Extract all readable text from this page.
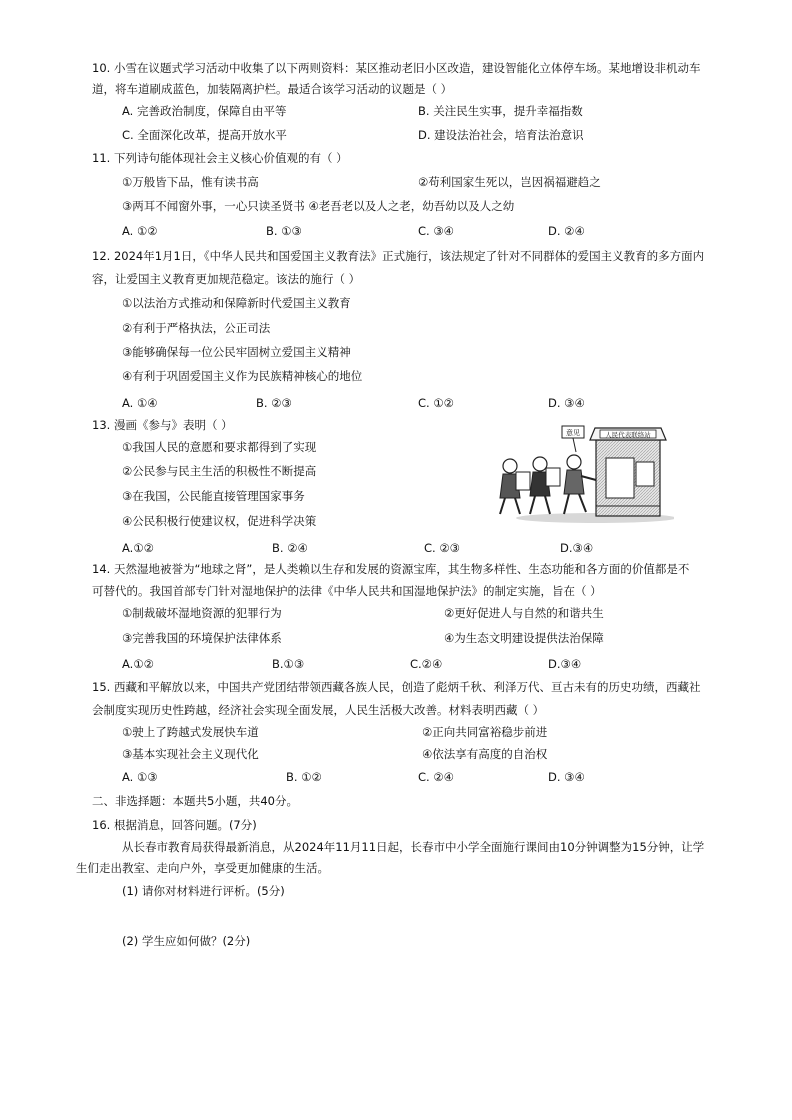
10. 小雪在议题式学习活动中收集了以下两则资料：某区推动老旧小区改造，建设智能化立体停车场。某地增设非机动车
道，将车道刷成蓝色，加装隔离护栏。最适合该学习活动的议题是（ ）
A. 完善政治制度，保障自由平等	B. 关注民生实事，提升幸福指数
C. 全面深化改革，提高开放水平	D. 建设法治社会，培育法治意识
11. 下列诗句能体现社会主义核心价值观的有（ ）
①万般皆下品，惟有读书高	②苟利国家生死以，岂因祸福避趋之
③两耳不闻窗外事，一心只读圣贤书 ④老吾老以及人之老，幼吾幼以及人之幼
A. ①②	B. ①③	C. ③④	D. ②④
12. 2024年1月1日，《中华人民共和国爱国主义教育法》正式施行，该法规定了针对不同群体的爱国主义教育的多方面内
容，让爱国主义教育更加规范稳定。该法的施行（ ）
①以法治方式推动和保障新时代爱国主义教育
②有利于严格执法，公正司法
③能够确保每一位公民牢固树立爱国主义精神
④有利于巩固爱国主义作为民族精神核心的地位
A. ①④	B. ②③	C. ①②	D. ③④
13. 漫画《参与》表明（ ）
①我国人民的意愿和要求都得到了实现
②公民参与民主生活的积极性不断提高
③在我国，公民能直接管理国家事务
④公民积极行使建议权，促进科学决策
A.①②	B. ②④	C. ②③	D.③④
人民代表联络站
意见
14. 天然湿地被誉为“地球之肾”，是人类赖以生存和发展的资源宝库，其生物多样性、生态功能和各方面的价值都是不
可替代的。我国首部专门针对湿地保护的法律《中华人民共和国湿地保护法》的制定实施，旨在（ ）
①制裁破坏湿地资源的犯罪行为	②更好促进人与自然的和谐共生
③完善我国的环境保护法律体系	④为生态文明建设提供法治保障
A.①②	B.①③	C.②④	D.③④
15. 西藏和平解放以来，中国共产党团结带领西藏各族人民，创造了彪炳千秋、利泽万代、亘古未有的历史功绩，西藏社
会制度实现历史性跨越，经济社会实现全面发展，人民生活极大改善。材料表明西藏（ ）
①驶上了跨越式发展快车道	②正向共同富裕稳步前进
③基本实现社会主义现代化	④依法享有高度的自治权
A. ①③	B. ①②	C. ②④	D. ③④
二、非选择题：本题共5小题，共40分。
16. 根据消息，回答问题。(7分)
从长春市教育局获得最新消息，从2024年11月11日起，长春市中小学全面施行课间由10分钟调整为15分钟，让学
生们走出教室、走向户外，享受更加健康的生活。
(1) 请你对材料进行评析。(5分)
(2) 学生应如何做？(2分)
